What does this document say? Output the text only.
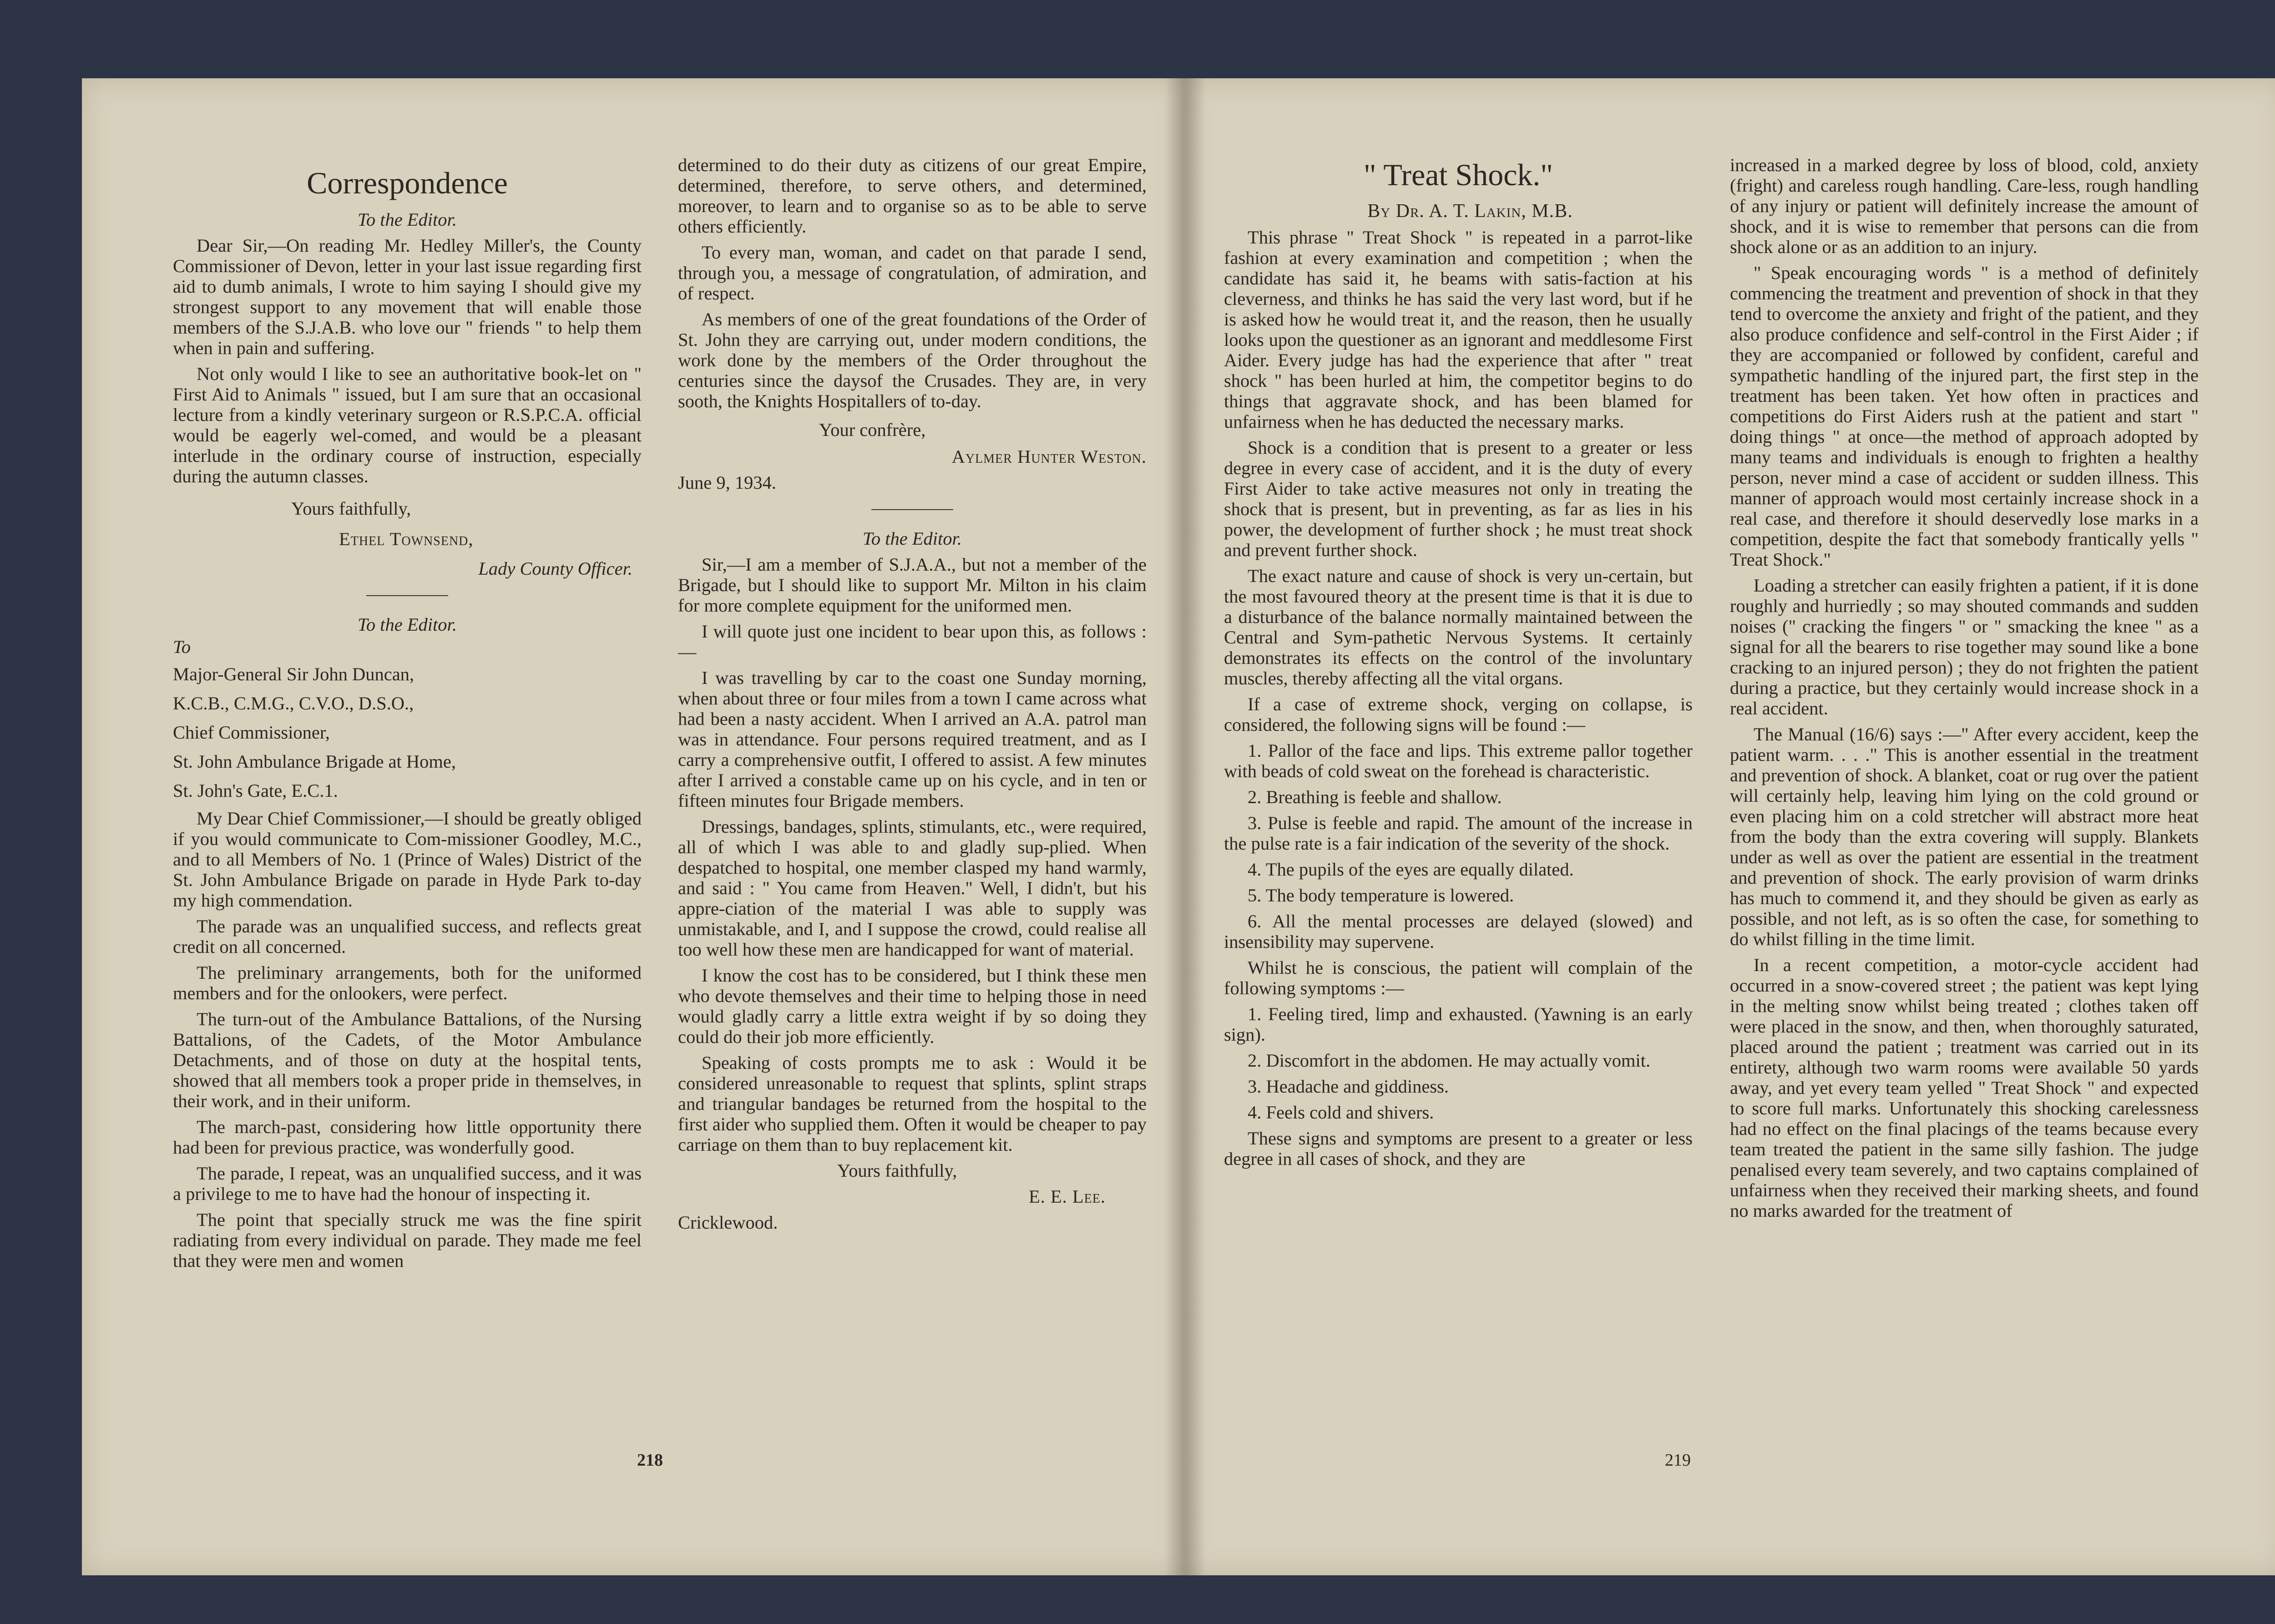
Correspondence

To the Editor.

Dear Sir,—On reading Mr. Hedley Miller's, the County Commissioner of Devon, letter in your last issue regarding first aid to dumb animals, I wrote to him saying I should give my strongest support to any movement that will enable those members of the S.J.A.B. who love our " friends " to help them when in pain and suffering.

Not only would I like to see an authoritative book-let on " First Aid to Animals " issued, but I am sure that an occasional lecture from a kindly veterinary surgeon or R.S.P.C.A. official would be eagerly wel-comed, and would be a pleasant interlude in the ordinary course of instruction, especially during the autumn classes.

Yours faithfully,

Ethel Townsend,

Lady County Officer.

To the Editor.

To

Major-General Sir John Duncan,

K.C.B., C.M.G., C.V.O., D.S.O.,

Chief Commissioner,

St. John Ambulance Brigade at Home,

St. John's Gate, E.C.1.

My Dear Chief Commissioner,—I should be greatly obliged if you would communicate to Com-missioner Goodley, M.C., and to all Members of No. 1 (Prince of Wales) District of the St. John Ambulance Brigade on parade in Hyde Park to-day my high commendation.

The parade was an unqualified success, and reflects great credit on all concerned.

The preliminary arrangements, both for the uniformed members and for the onlookers, were perfect.

The turn-out of the Ambulance Battalions, of the Nursing Battalions, of the Cadets, of the Motor Ambulance Detachments, and of those on duty at the hospital tents, showed that all members took a proper pride in themselves, in their work, and in their uniform.

The march-past, considering how little opportunity there had been for previous practice, was wonderfully good.

The parade, I repeat, was an unqualified success, and it was a privilege to me to have had the honour of inspecting it.

The point that specially struck me was the fine spirit radiating from every individual on parade. They made me feel that they were men and women

determined to do their duty as citizens of our great Empire, determined, therefore, to serve others, and determined, moreover, to learn and to organise so as to be able to serve others efficiently.

To every man, woman, and cadet on that parade I send, through you, a message of congratulation, of admiration, and of respect.

As members of one of the great foundations of the Order of St. John they are carrying out, under modern conditions, the work done by the members of the Order throughout the centuries since the daysof the Crusades. They are, in very sooth, the Knights Hospitallers of to-day.

Your confrère,

Aylmer Hunter Weston.

June 9, 1934.

To the Editor.

Sir,—I am a member of S.J.A.A., but not a member of the Brigade, but I should like to support Mr. Milton in his claim for more complete equipment for the uniformed men.

I will quote just one incident to bear upon this, as follows :—

I was travelling by car to the coast one Sunday morning, when about three or four miles from a town I came across what had been a nasty accident. When I arrived an A.A. patrol man was in attendance. Four persons required treatment, and as I carry a comprehensive outfit, I offered to assist. A few minutes after I arrived a constable came up on his cycle, and in ten or fifteen minutes four Brigade members.

Dressings, bandages, splints, stimulants, etc., were required, all of which I was able to and gladly sup-plied. When despatched to hospital, one member clasped my hand warmly, and said : " You came from Heaven." Well, I didn't, but his appre-ciation of the material I was able to supply was unmistakable, and I, and I suppose the crowd, could realise all too well how these men are handicapped for want of material.

I know the cost has to be considered, but I think these men who devote themselves and their time to helping those in need would gladly carry a little extra weight if by so doing they could do their job more efficiently.

Speaking of costs prompts me to ask : Would it be considered unreasonable to request that splints, splint straps and triangular bandages be returned from the hospital to the first aider who supplied them. Often it would be cheaper to pay carriage on them than to buy replacement kit.

Yours faithfully,

E. E. Lee.

Cricklewood.

218
" Treat Shock."

By Dr. A. T. Lakin, M.B.

This phrase " Treat Shock " is repeated in a parrot-like fashion at every examination and competition ; when the candidate has said it, he beams with satis-faction at his cleverness, and thinks he has said the very last word, but if he is asked how he would treat it, and the reason, then he usually looks upon the questioner as an ignorant and meddlesome First Aider. Every judge has had the experience that after " treat shock " has been hurled at him, the competitor begins to do things that aggravate shock, and has been blamed for unfairness when he has deducted the necessary marks.

Shock is a condition that is present to a greater or less degree in every case of accident, and it is the duty of every First Aider to take active measures not only in treating the shock that is present, but in preventing, as far as lies in his power, the development of further shock ; he must treat shock and prevent further shock.

The exact nature and cause of shock is very un-certain, but the most favoured theory at the present time is that it is due to a disturbance of the balance normally maintained between the Central and Sym-pathetic Nervous Systems. It certainly demonstrates its effects on the control of the involuntary muscles, thereby affecting all the vital organs.

If a case of extreme shock, verging on collapse, is considered, the following signs will be found :—

1. Pallor of the face and lips. This extreme pallor together with beads of cold sweat on the forehead is characteristic.

2. Breathing is feeble and shallow.

3. Pulse is feeble and rapid. The amount of the increase in the pulse rate is a fair indication of the severity of the shock.

4. The pupils of the eyes are equally dilated.

5. The body temperature is lowered.

6. All the mental processes are delayed (slowed) and insensibility may supervene.

Whilst he is conscious, the patient will complain of the following symptoms :—

1. Feeling tired, limp and exhausted. (Yawning is an early sign).

2. Discomfort in the abdomen. He may actually vomit.

3. Headache and giddiness.

4. Feels cold and shivers.

These signs and symptoms are present to a greater or less degree in all cases of shock, and they are

increased in a marked degree by loss of blood, cold, anxiety (fright) and careless rough handling. Care-less, rough handling of any injury or patient will definitely increase the amount of shock, and it is wise to remember that persons can die from shock alone or as an addition to an injury.

" Speak encouraging words " is a method of definitely commencing the treatment and prevention of shock in that they tend to overcome the anxiety and fright of the patient, and they also produce confidence and self-control in the First Aider ; if they are accompanied or followed by confident, careful and sympathetic handling of the injured part, the first step in the treatment has been taken. Yet how often in practices and competitions do First Aiders rush at the patient and start " doing things " at once—the method of approach adopted by many teams and individuals is enough to frighten a healthy person, never mind a case of accident or sudden illness. This manner of approach would most certainly increase shock in a real case, and therefore it should deservedly lose marks in a competition, despite the fact that somebody frantically yells " Treat Shock."

Loading a stretcher can easily frighten a patient, if it is done roughly and hurriedly ; so may shouted commands and sudden noises (" cracking the fingers " or " smacking the knee " as a signal for all the bearers to rise together may sound like a bone cracking to an injured person) ; they do not frighten the patient during a practice, but they certainly would increase shock in a real accident.

The Manual (16/6) says :—" After every accident, keep the patient warm. . . ." This is another essential in the treatment and prevention of shock. A blanket, coat or rug over the patient will certainly help, leaving him lying on the cold ground or even placing him on a cold stretcher will abstract more heat from the body than the extra covering will supply. Blankets under as well as over the patient are essential in the treatment and prevention of shock. The early provision of warm drinks has much to commend it, and they should be given as early as possible, and not left, as is so often the case, for something to do whilst filling in the time limit.

In a recent competition, a motor-cycle accident had occurred in a snow-covered street ; the patient was kept lying in the melting snow whilst being treated ; clothes taken off were placed in the snow, and then, when thoroughly saturated, placed around the patient ; treatment was carried out in its entirety, although two warm rooms were available 50 yards away, and yet every team yelled " Treat Shock " and expected to score full marks. Unfortunately this shocking carelessness had no effect on the final placings of the teams because every team treated the patient in the same silly fashion. The judge penalised every team severely, and two captains complained of unfairness when they received their marking sheets, and found no marks awarded for the treatment of

219
